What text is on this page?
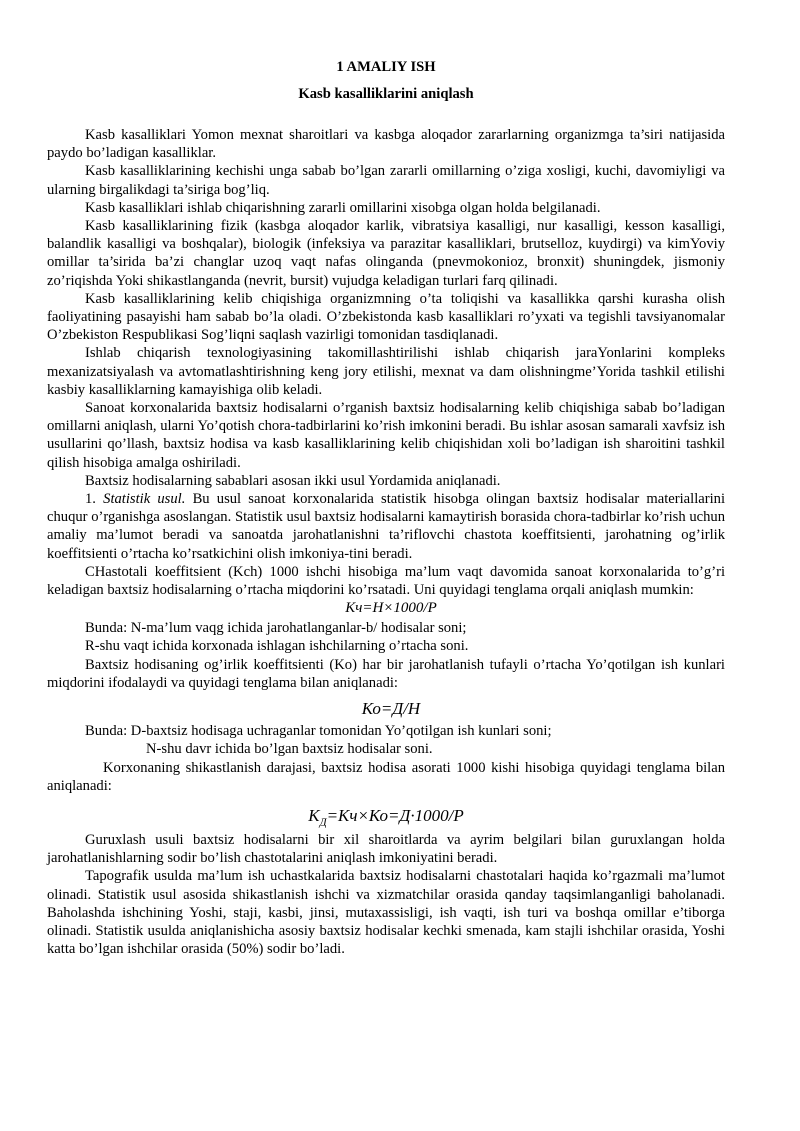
1 AMALIY ISH
Kasb kasalliklarini aniqlash

Kasb kasalliklari Yomon mexnat sharoitlari va kasbga aloqador zararlarning organizmga ta’siri natijasida paydo bo’ladigan kasalliklar.

Kasb kasalliklarining kechishi unga sabab bo’lgan zararli omillarning o’ziga xosligi, kuchi, davomiyligi va ularning birgalikdagi ta’siriga bog’liq.

Kasb kasalliklari ishlab chiqarishning zararli omillarini xisobga olgan holda belgilanadi.

Kasb kasalliklarining fizik (kasbga aloqador karlik, vibratsiya kasalligi, nur kasalligi, kesson kasalligi, balandlik kasalligi va boshqalar), biologik (infeksiya va parazitar kasalliklari, brutselloz, kuydirgi) va kimYoviy omillar ta’sirida ba’zi changlar uzoq vaqt nafas olinganda (pnevmokonioz, bronxit) shuningdek, jismoniy zo’riqishda Yoki shikastlanganda (nevrit, bursit) vujudga keladigan turlari farq qilinadi.

Kasb kasalliklarining kelib chiqishiga organizmning o’ta toliqishi va kasallikka qarshi kurasha olish faoliyatining pasayishi ham sabab bo’la oladi. O’zbekistonda kasb kasalliklari ro’yxati va tegishli tavsiyanomalar O’zbekiston Respublikasi Sog’liqni saqlash vazirligi tomonidan tasdiqlanadi.

Ishlab chiqarish texnologiyasining takomillashtirilishi ishlab chiqarish jaraYonlarini kompleks mexanizatsiyalash va avtomatlashtirishning keng jory etilishi, mexnat va dam olishningme’Yorida tashkil etilishi kasbiy kasalliklarning kamayishiga olib keladi.

Sanoat korxonalarida baxtsiz hodisalarni o’rganish baxtsiz hodisalarning kelib chiqishiga sabab bo’ladigan omillarni aniqlash, ularni Yo’qotish chora-tadbirlarini ko’rish imkonini beradi. Bu ishlar asosan samarali xavfsiz ish usullarini qo’llash, baxtsiz hodisa va kasb kasalliklarining kelib chiqishidan xoli bo’ladigan ish sharoitini tashkil qilish hisobiga amalga oshiriladi.

Baxtsiz hodisalarning sabablari asosan ikki usul Yordamida aniqlanadi.

1. Statistik usul. Bu usul sanoat korxonalarida statistik hisobga olingan baxtsiz hodisalar materiallarini chuqur o’rganishga asoslangan. Statistik usul baxtsiz hodisalarni kamaytirish borasida chora-tadbirlar ko’rish uchun amaliy ma’lumot beradi va sanoatda jarohatlanishni ta’riflovchi chastota koeffitsienti, jarohatning og’irlik koeffitsienti o’rtacha ko’rsatkichini olish imkoniya-tini beradi.

CHastotali koeffitsient (Kch) 1000 ishchi hisobiga ma’lum vaqt davomida sanoat korxonalarida to’g’ri keladigan baxtsiz hodisalarning o’rtacha miqdorini ko’rsatadi. Uni quyidagi tenglama orqali aniqlash mumkin:

Кч=Н×1000/Р

Bunda: N-ma’lum vaqg ichida jarohatlanganlar-b/ hodisalar soni;

R-shu vaqt ichida korxonada ishlagan ishchilarning o’rtacha soni.

Baxtsiz hodisaning og’irlik koeffitsienti (Ko) har bir jarohatlanish tufayli o’rtacha Yo’qotilgan ish kunlari miqdorini ifodalaydi va quyidagi tenglama bilan aniqlanadi:

Ко=Д/Н

Bunda: D-baxtsiz hodisaga uchraganlar tomonidan Yo’qotilgan ish kunlari soni;

N-shu davr ichida bo’lgan baxtsiz hodisalar soni.

Korxonaning shikastlanish darajasi, baxtsiz hodisa asorati 1000 kishi hisobiga quyidagi tenglama bilan aniqlanadi:

$К_Д=Кч\times Ко=Д\cdot 1000/Р$

Guruxlash usuli baxtsiz hodisalarni bir xil sharoitlarda va ayrim belgilari bilan guruxlangan holda jarohatlanishlarning sodir bo’lish chastotalarini aniqlash imkoniyatini beradi.

Tapografik usulda ma’lum ish uchastkalarida baxtsiz hodisalarni chastotalari haqida ko’rgazmali ma’lumot olinadi. Statistik usul asosida shikastlanish ishchi va xizmatchilar orasida qanday taqsimlanganligi baholanadi. Baholashda ishchining Yoshi, staji, kasbi, jinsi, mutaxassisligi, ish vaqti, ish turi va boshqa omillar e’tiborga olinadi. Statistik usulda aniqlanishicha asosiy baxtsiz hodisalar kechki smenada, kam stajli ishchilar orasida, Yoshi katta bo’lgan ishchilar orasida (50%) sodir bo’ladi.
